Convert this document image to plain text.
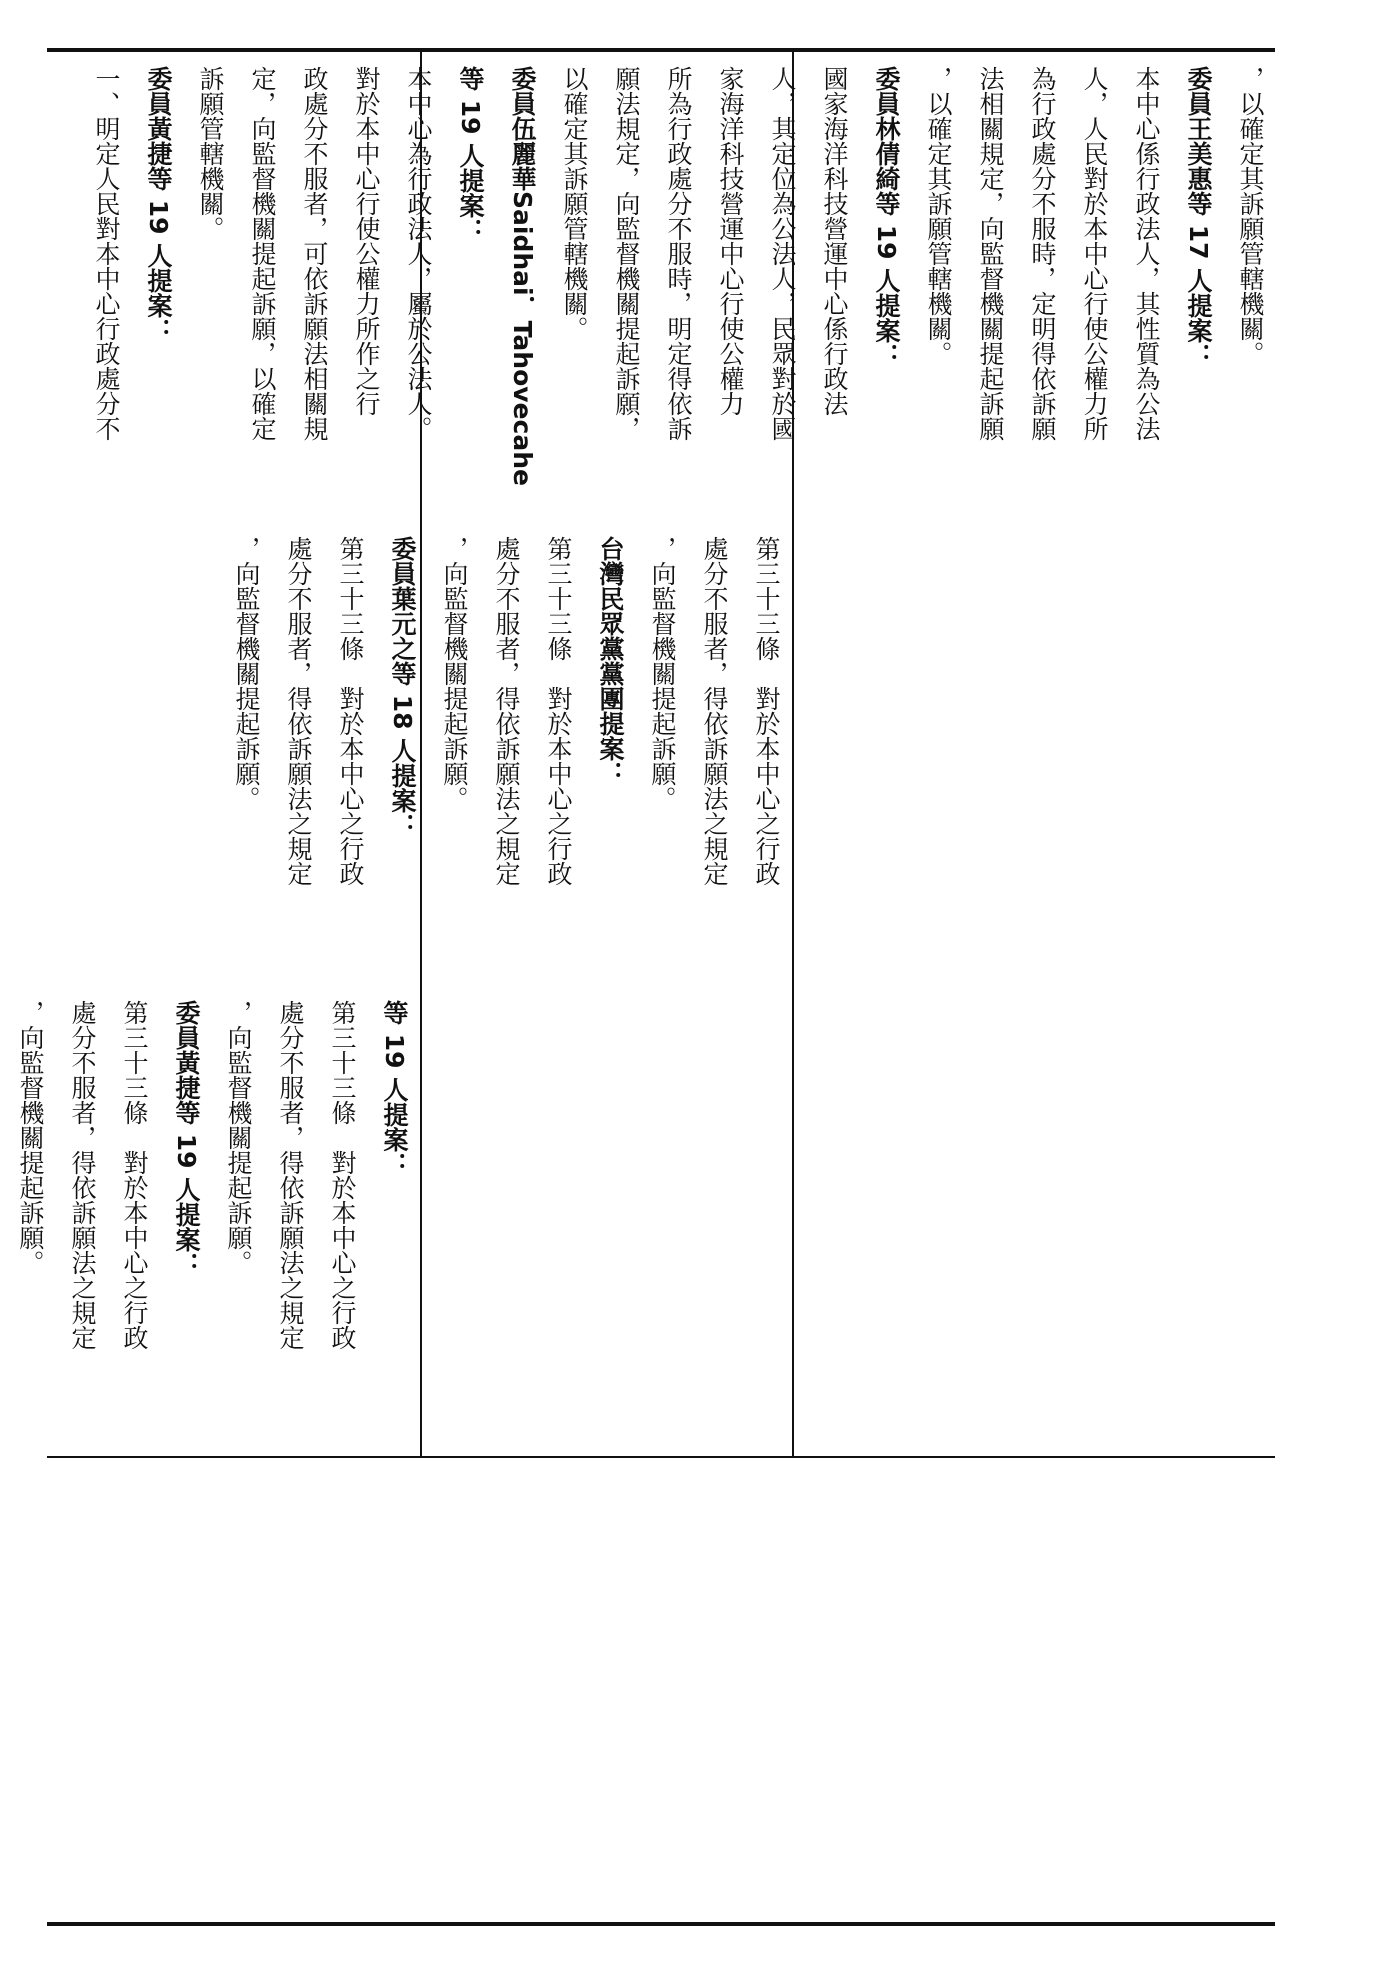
，以確定其訴願管轄機關。

委員王美惠等 17 人提案：

本中心係行政法人，其性質為公法

人，人民對於本中心行使公權力所

為行政處分不服時，定明得依訴願

法相關規定，向監督機關提起訴願

，以確定其訴願管轄機關。

委員林倩綺等 19 人提案：

國家海洋科技營運中心係行政法

人，其定位為公法人，民眾對於國

家海洋科技營運中心行使公權力

所為行政處分不服時，明定得依訴

願法規定，向監督機關提起訴願，

以確定其訴願管轄機關。

委員伍麗華Saidhai．Tahovecahe

等 19 人提案：

本中心為行政法人，屬於公法人。

對於本中心行使公權力所作之行

政處分不服者，可依訴願法相關規

定，向監督機關提起訴願，以確定

訴願管轄機關。

委員黃捷等 19 人提案：

一、明定人民對本中心行政處分不

第三十三條　對於本中心之行政

處分不服者，得依訴願法之規定

，向監督機關提起訴願。

台灣民眾黨黨團提案：

第三十三條　對於本中心之行政

處分不服者，得依訴願法之規定

，向監督機關提起訴願。

委員葉元之等 18 人提案：

第三十三條　對於本中心之行政

處分不服者，得依訴願法之規定

，向監督機關提起訴願。

等 19 人提案：

第三十三條　對於本中心之行政

處分不服者，得依訴願法之規定

，向監督機關提起訴願。

委員黃捷等 19 人提案：

第三十三條　對於本中心之行政

處分不服者，得依訴願法之規定

，向監督機關提起訴願。
